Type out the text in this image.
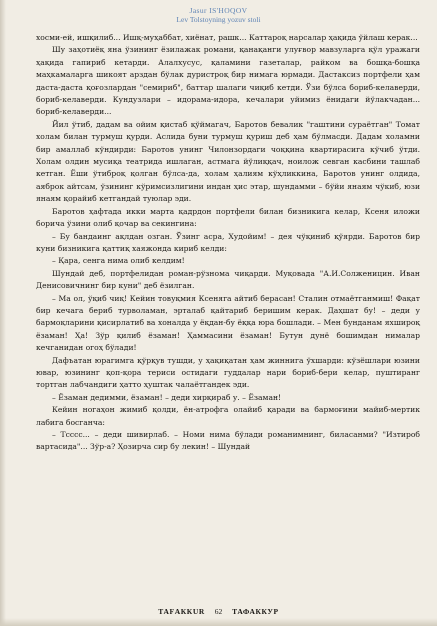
Jasur IS'HOQOV
Lev Tolstoyning yozuv stoli

хосми-ей, ишқилиб... Ишқ-муҳаббат, хиёнат, рашк... Каттароқ нарсалар ҳақида ўйлаш керак...

Шу заҳотиёқ яна ўзининг ёзилажак романи, қанақанги улуғвор мавзуларга қўл уражаги ҳақида гапириб кетарди. Алалхусус, қаламини газеталар, райком ва бошқа-бошқа маҳкамаларга шикоят арздан бўлак дуристроқ бир нимага юрмади. Дастаксиз портфели ҳам даста-даста қоғозлардан "семириб", баттар шалаги чиқиб кетди. Ўзи бўлса бориб-келаверди, бориб-келаверди. Кундузлари – идорама-идора, кечалари уйимиз ёнидаги йўлакчадан... бориб-келаверди...

Йил ўтиб, дадам ва ойим қистаб қўймагач, Баротов бевалик "гаштини сураётган" Томат холам билан турмуш қурди. Аслида буни турмуш қуриш деб ҳам бўлмасди. Дадам холамни бир амаллаб кўндирди: Баротов унинг Чилонзордаги чоққина квартирасига кўчиб ўтди. Холам олдин мусиқа театрида ишлаган, астмага йўлиққач, ноилож севган касбини ташлаб кетган. Ёши ўтиброқ қолган бўлса-да, холам ҳалиям кўҳликкина, Баротов унинг олдида, аяброк айтсам, ўзининг кўримсизлигини индан ҳис этар, шундамми – бўйи янаям чўкиб, юзи янаям қорайиб кетгандай туюлар эди.

Баротов ҳафтада икки марта қадрдон портфели билан бизникига келар, Ксеня иложи борича ўзини олиб қочар ва секингина:

– Бу бандаинг ақлдан озган. Ўзинг асра, Худойим! – дея чўқиниб қўярди. Баротов бир куни бизникига қаттиқ хаяжонда кириб келди:

– Қара, сенга нима олиб келдим!

Шундай деб, портфелидан роман-рўзнома чиқарди. Муқовада "А.И.Солженицин. Иван Денисовичнинг бир куни" деб ёзилган.

– Ма ол, ўқиб чиқ! Кейин товуқмия Ксеняга айтиб берасан! Сталин отмаётганмиш! Фақат бир кечага бериб турволаман, эрталаб қайтариб беришим керак. Даҳшат бу! – деди у бармоқларини қисирлатиб ва хоналда у ёқдан-бу ёққа юра бошлади. – Мен бунданам яхшироқ ёзаман! Ҳа! Зўр қилиб ёзаман! Ҳаммасини ёзаман! Бутун дунё бошимдан нималар кечганидан огоҳ бўлади!

Дафъатан юрагимга қўрқув тушди, у ҳақиқатан ҳам жиннига ўхшарди: кўзёшлари юзини ювар, юзининг қоп-қора териси остидаги гуддалар нари бориб-бери келар, пуштиранг тортган лабчандиги ҳатто ҳуштак чалаётгандек эди.

– Ёзаман дедимми, ёзаман! – деди хирқираб у. – Ёзаман!

Кейин ногаҳон жимиб қолди, ён-атрофга олайиб қаради ва бармоғини майиб-мертик лабига босганча:

– Тсссс... – деди шивирлаб. – Номи нима бўлади романимнинг, биласанми? "Изтироб вартасида"... Зўр-а? Ҳозирча сир бу лекин! – Шундай

ТАFАККUR 62 ТАФАККУР
